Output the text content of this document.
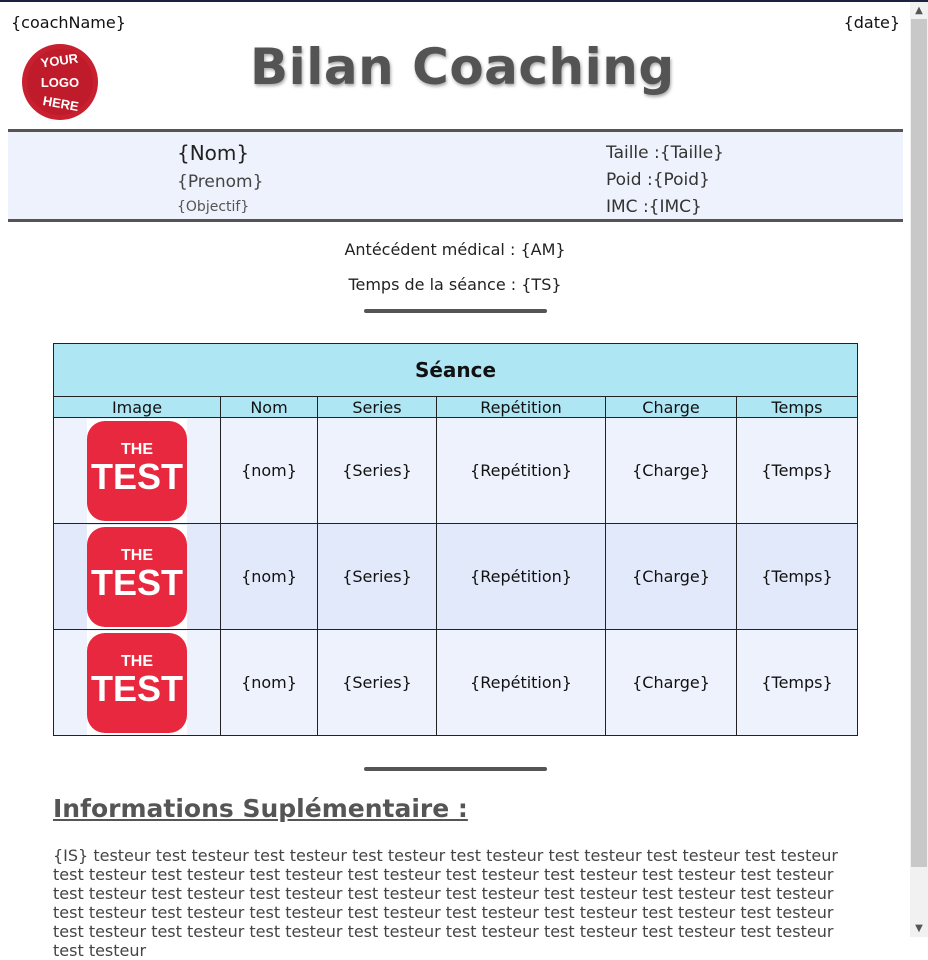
{coachName}	{date}
YOUR
LOGO
HERE
Bilan Coaching
{Nom}
{Prenom}
{Objectif}
Taille :{Taille}
Poid :{Poid}
IMC :{IMC}
Antécédent médical : {AM}
Temps de la séance : {TS}
Séance					
Image	Nom	Series	Repétition	Charge	Temps

THE
TEST	{nom}	{Series}	{Repétition}	{Charge}	{Temps}

THE
TEST	{nom}	{Series}	{Repétition}	{Charge}	{Temps}

THE
TEST	{nom}	{Series}	{Repétition}	{Charge}	{Temps}
Informations Suplémentaire :
{IS} testeur test testeur test testeur test testeur test testeur test testeur test testeur test testeur test testeur test testeur test testeur test testeur test testeur test testeur test testeur test testeur test testeur test testeur test testeur test testeur test testeur test testeur test testeur test testeur test testeur test testeur test testeur test testeur test testeur test testeur test testeur test testeur test testeur test testeur test testeur test testeur test testeur test testeur test testeur test testeur test testeur
▲
▼
